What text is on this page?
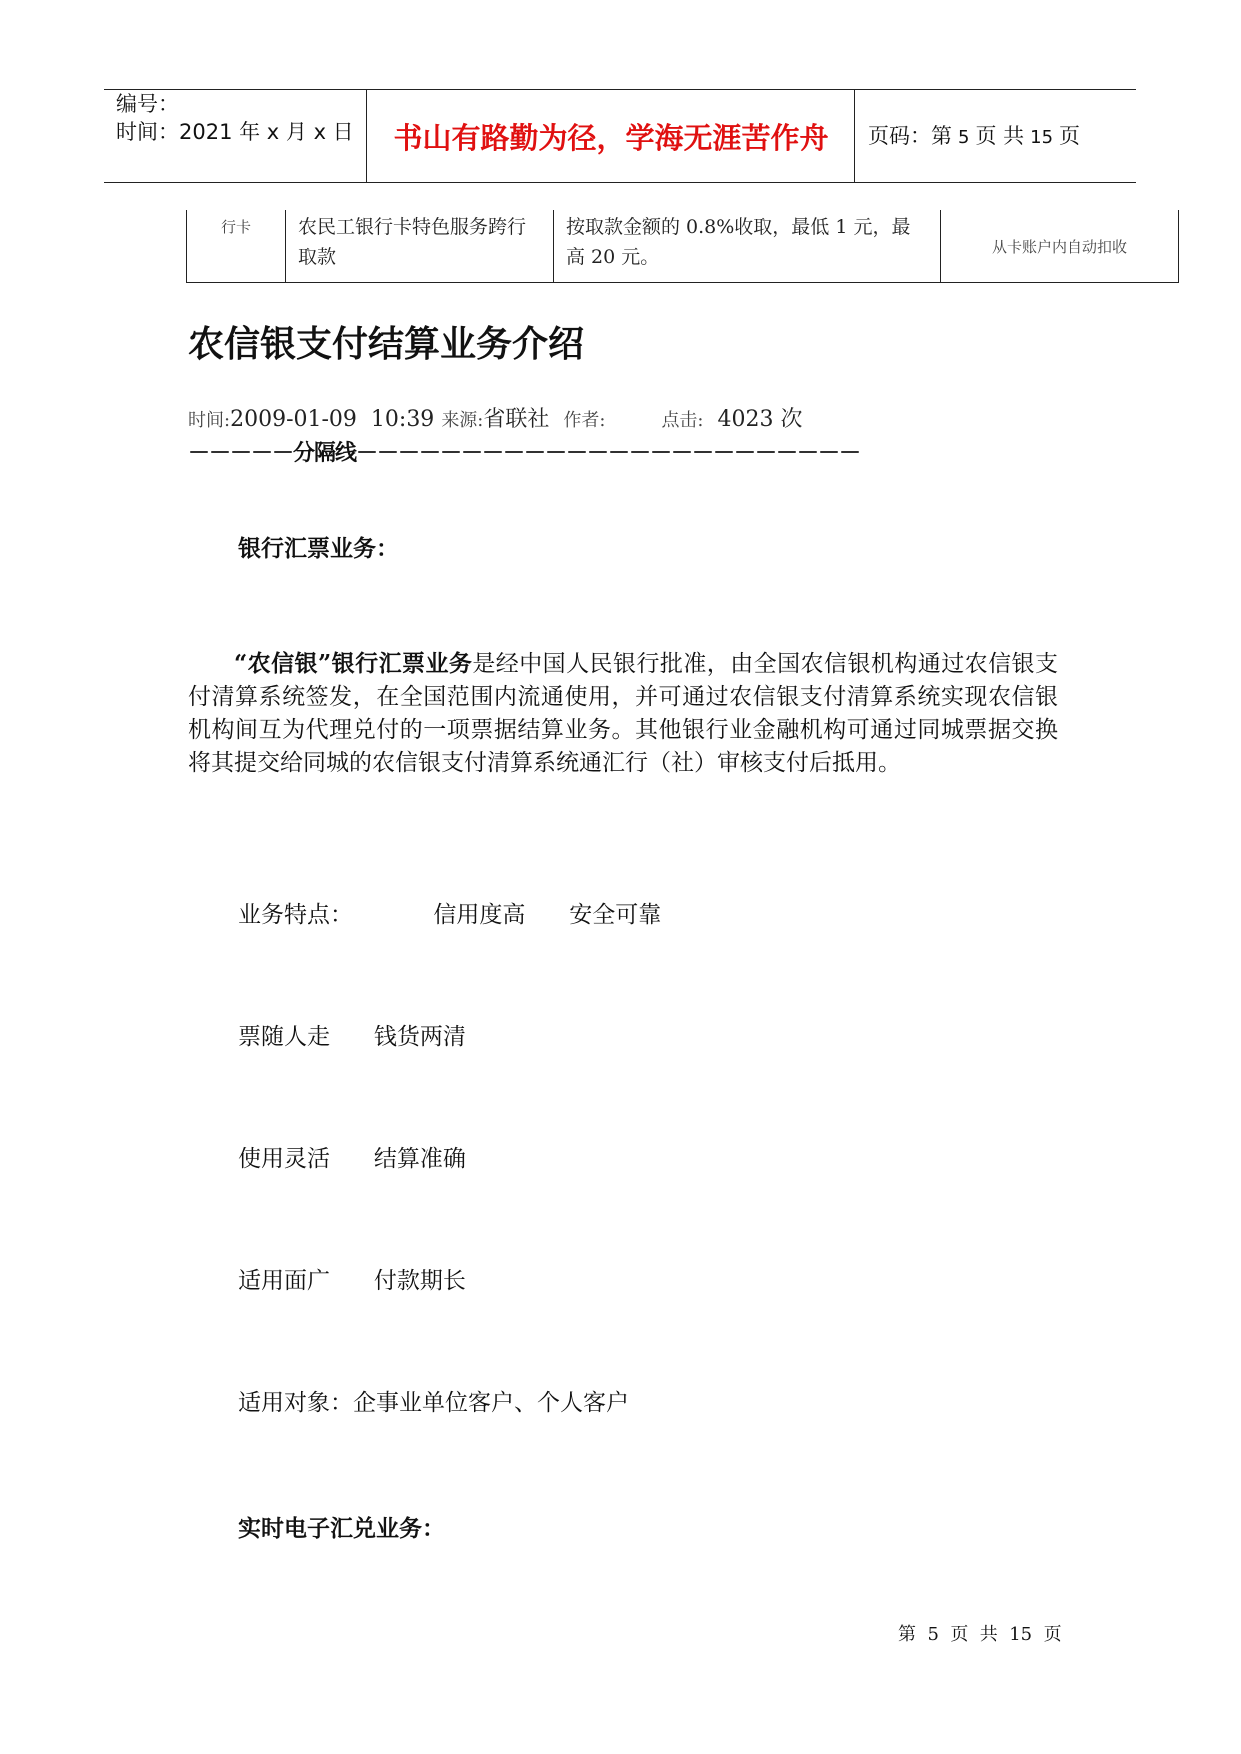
编号：
时间：2021 年 x 月 x 日	书山有路勤为径，学海无涯苦作舟	页码：第 5 页 共 15 页
行卡	农民工银行卡特色服务跨行取款	按取款金额的 0.8%收取，最低 1 元，最高 20 元。	从卡账户内自动扣收
农信银支付结算业务介绍
时间:2009-01-09  10:39 来源:省联社 作者:	点击: 4023 次
－－－－－分隔线－－－－－－－－－－－－－－－－－－－－－－－－
银行汇票业务：
“农信银”银行汇票业务是经中国人民银行批准，由全国农信银机构通过农信银支付清算系统签发，在全国范围内流通使用，并可通过农信银支付清算系统实现农信银机构间互为代理兑付的一项票据结算业务。其他银行业金融机构可通过同城票据交换将其提交给同城的农信银支付清算系统通汇行（社）审核支付后抵用。
业务特点：	信用度高 安全可靠
票随人走      钱货两清
使用灵活      结算准确
适用面广      付款期长
适用对象：企事业单位客户、个人客户
实时电子汇兑业务：
第  5  页  共  15  页
